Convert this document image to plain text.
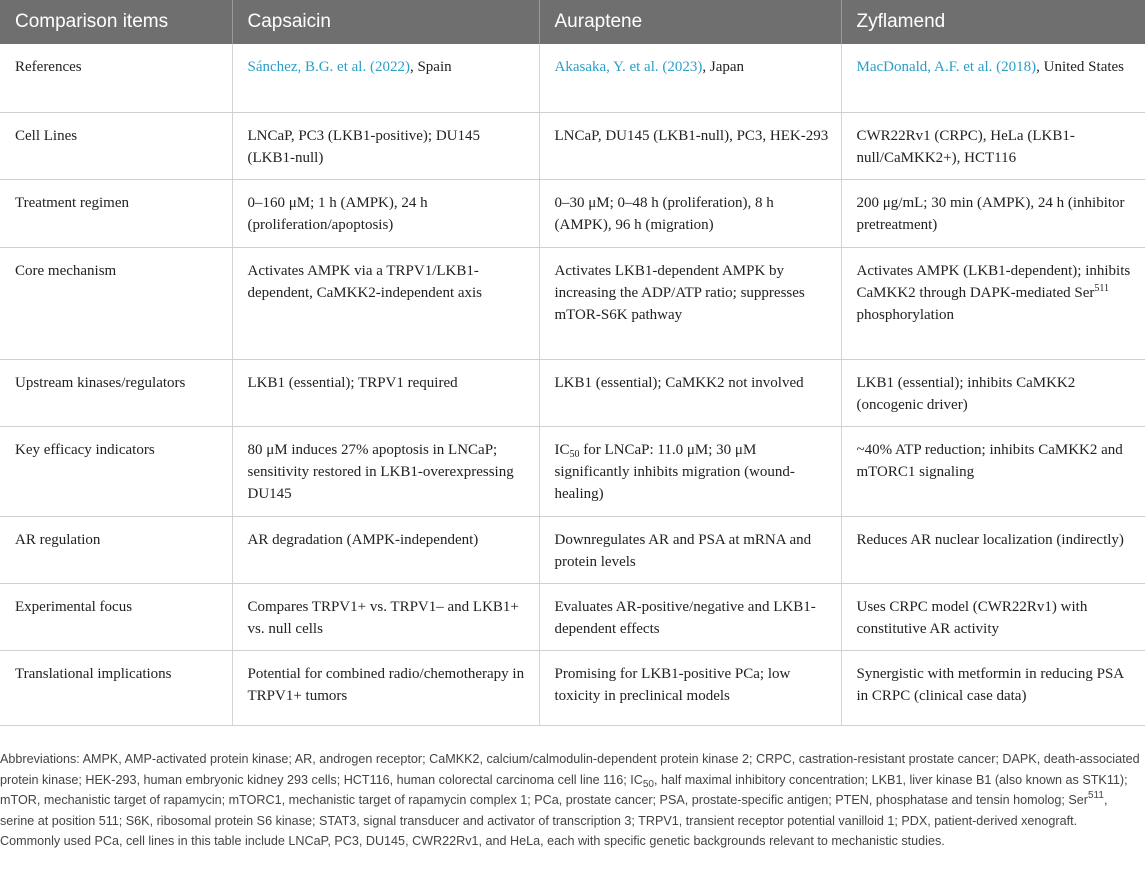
Comparison items	Capsaicin	Auraptene	Zyflamend
References	Sánchez, B.G. et al. (2022), Spain	Akasaka, Y. et al. (2023), Japan	MacDonald, A.F. et al. (2018), United States
Cell Lines	LNCaP, PC3 (LKB1-positive); DU145 (LKB1-null)	LNCaP, DU145 (LKB1-null), PC3, HEK-293	CWR22Rv1 (CRPC), HeLa (LKB1-null/CaMKK2+), HCT116
Treatment regimen	0–160 μM; 1 h (AMPK), 24 h (proliferation/apoptosis)	0–30 μM; 0–48 h (proliferation), 8 h (AMPK), 96 h (migration)	200 μg/mL; 30 min (AMPK), 24 h (inhibitor pretreatment)
Core mechanism	Activates AMPK via a TRPV1/LKB1-dependent, CaMKK2-independent axis	Activates LKB1-dependent AMPK by increasing the ADP/ATP ratio; suppresses mTOR-S6K pathway	Activates AMPK (LKB1-dependent); inhibits CaMKK2 through DAPK-mediated Ser$^{511}$ phosphorylation
Upstream kinases/regulators	LKB1 (essential); TRPV1 required	LKB1 (essential); CaMKK2 not involved	LKB1 (essential); inhibits CaMKK2 (oncogenic driver)
Key efficacy indicators	80 μM induces 27% apoptosis in LNCaP; sensitivity restored in LKB1-overexpressing DU145	$IC_{50}$ for LNCaP: 11.0 μM; 30 μM significantly inhibits migration (wound-healing)	~40% ATP reduction; inhibits CaMKK2 and mTORC1 signaling
AR regulation	AR degradation (AMPK-independent)	Downregulates AR and PSA at mRNA and protein levels	Reduces AR nuclear localization (indirectly)
Experimental focus	Compares TRPV1+ vs. TRPV1– and LKB1+ vs. null cells	Evaluates AR-positive/negative and LKB1-dependent effects	Uses CRPC model (CWR22Rv1) with constitutive AR activity
Translational implications	Potential for combined radio/chemotherapy in TRPV1+ tumors	Promising for LKB1-positive PCa; low toxicity in preclinical models	Synergistic with metformin in reducing PSA in CRPC (clinical case data)
Abbreviations: AMPK, AMP-activated protein kinase; AR, androgen receptor; CaMKK2, calcium/calmodulin-dependent protein kinase 2; CRPC, castration-resistant prostate cancer; DAPK, death-associated protein kinase; HEK-293, human embryonic kidney 293 cells; HCT116, human colorectal carcinoma cell line 116; $IC_{50}$, half maximal inhibitory concentration; LKB1, liver kinase B1 (also known as STK11); mTOR, mechanistic target of rapamycin; mTORC1, mechanistic target of rapamycin complex 1; PCa, prostate cancer; PSA, prostate-specific antigen; PTEN, phosphatase and tensin homolog; Ser$^{511}$, serine at position 511; S6K, ribosomal protein S6 kinase; STAT3, signal transducer and activator of transcription 3; TRPV1, transient receptor potential vanilloid 1; PDX, patient-derived xenograft. Commonly used PCa, cell lines in this table include LNCaP, PC3, DU145, CWR22Rv1, and HeLa, each with specific genetic backgrounds relevant to mechanistic studies.
